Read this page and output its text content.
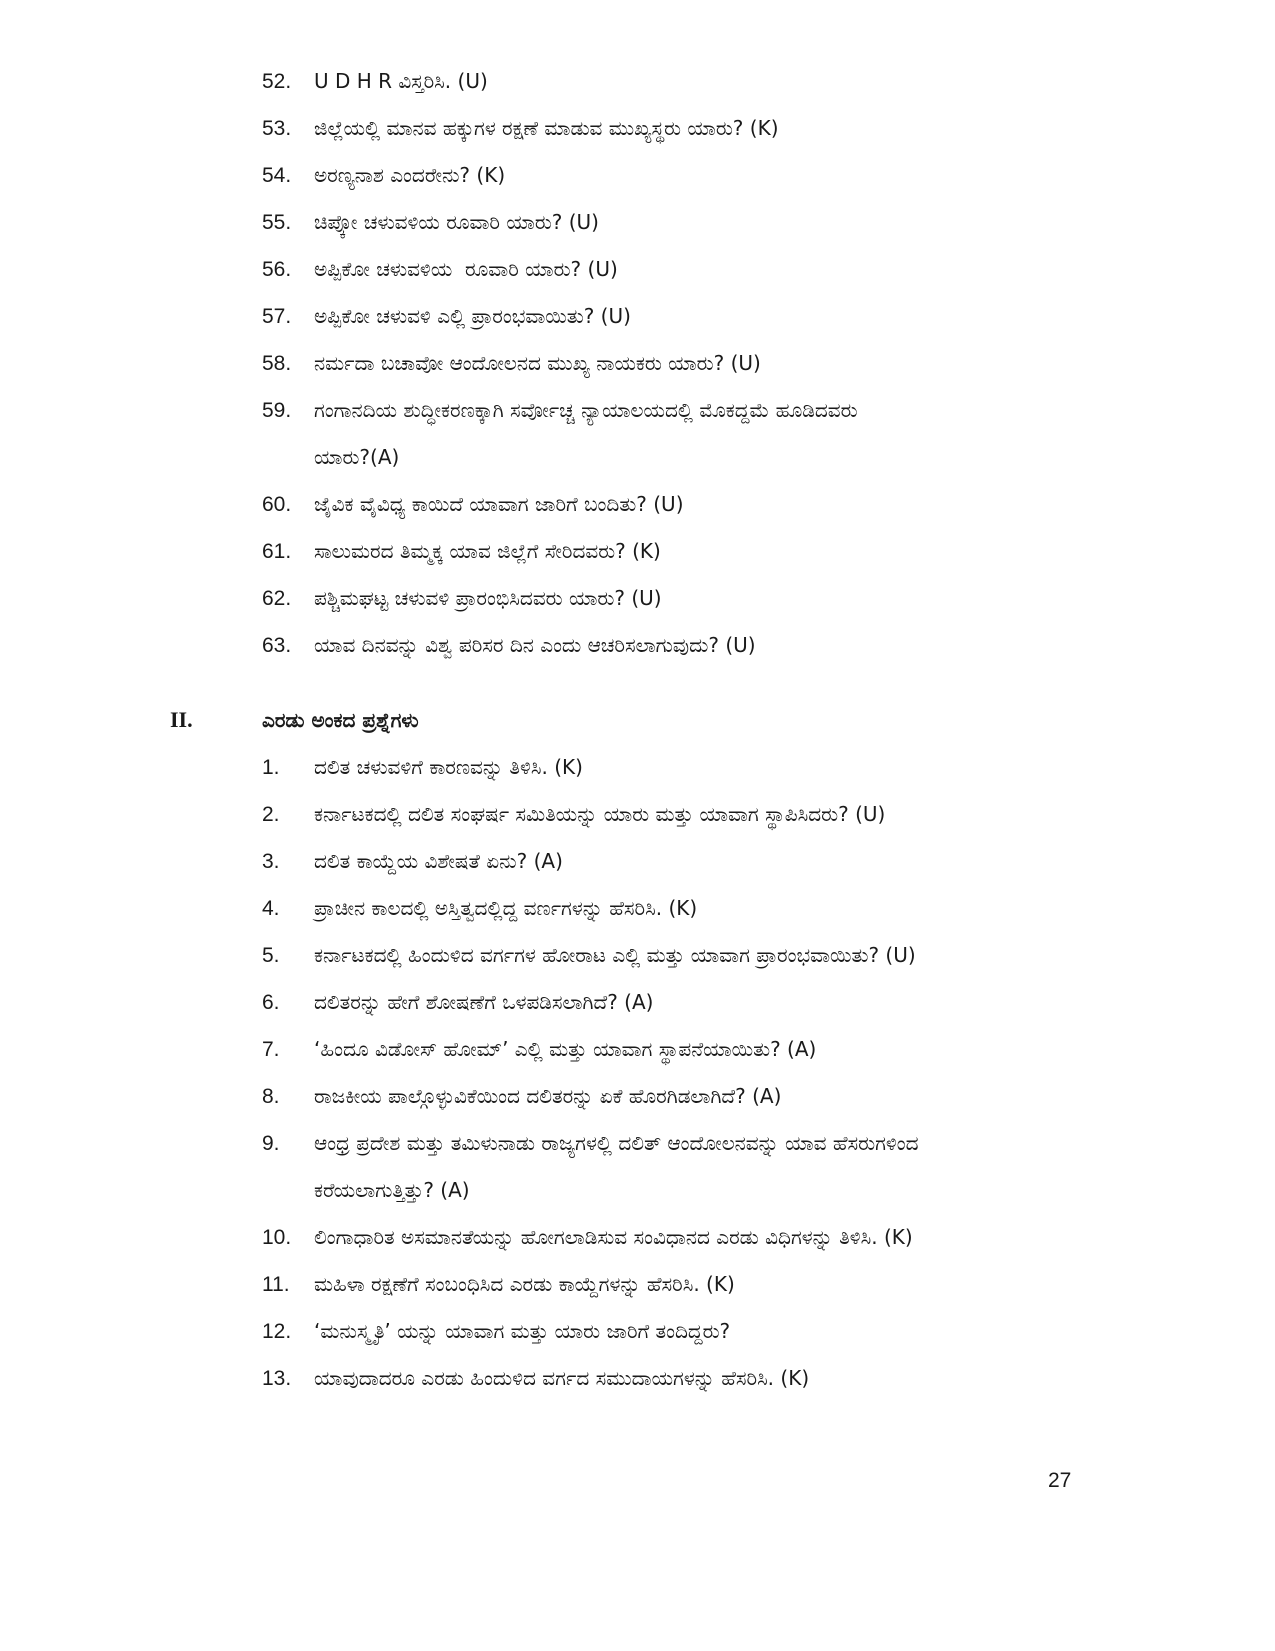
52. U D H R ವಿಸ್ತರಿಸಿ. (U)
53. ಜಿಲ್ಲೆಯಲ್ಲಿ ಮಾನವ ಹಕ್ಕುಗಳ ರಕ್ಷಣೆ ಮಾಡುವ ಮುಖ್ಯಸ್ಥರು ಯಾರು? (K)
54. ಅರಣ್ಯನಾಶ ಎಂದರೇನು? (K)
55. ಚಿಪ್ಕೋ ಚಳುವಳಿಯ ರೂವಾರಿ ಯಾರು? (U)
56. ಅಪ್ಪಿಕೋ ಚಳುವಳಿಯ  ರೂವಾರಿ ಯಾರು? (U)
57. ಅಪ್ಪಿಕೋ ಚಳುವಳಿ ಎಲ್ಲಿ ಪ್ರಾರಂಭವಾಯಿತು? (U)
58. ನರ್ಮದಾ ಬಚಾವೋ ಆಂದೋಲನದ ಮುಖ್ಯ ನಾಯಕರು ಯಾರು? (U)
59. ಗಂಗಾನದಿಯ ಶುದ್ಧೀಕರಣಕ್ಕಾಗಿ ಸರ್ವೋಚ್ಚ ನ್ಯಾಯಾಲಯದಲ್ಲಿ ಮೊಕದ್ದಮೆ ಹೂಡಿದವರು
ಯಾರು?(A)
60. ಜೈವಿಕ ವೈವಿಧ್ಯ ಕಾಯಿದೆ ಯಾವಾಗ ಜಾರಿಗೆ ಬಂದಿತು? (U)
61. ಸಾಲುಮರದ ತಿಮ್ಮಕ್ಕ ಯಾವ ಜಿಲ್ಲೆಗೆ ಸೇರಿದವರು? (K)
62. ಪಶ್ಚಿಮಘಟ್ಟ ಚಳುವಳಿ ಪ್ರಾರಂಭಿಸಿದವರು ಯಾರು? (U)
63. ಯಾವ ದಿನವನ್ನು ವಿಶ್ವ ಪರಿಸರ ದಿನ ಎಂದು ಆಚರಿಸಲಾಗುವುದು? (U)
II.	ಎರಡು ಅಂಕದ ಪ್ರಶ್ನೆಗಳು
1. ದಲಿತ ಚಳುವಳಿಗೆ ಕಾರಣವನ್ನು ತಿಳಿಸಿ. (K)
2. ಕರ್ನಾಟಕದಲ್ಲಿ ದಲಿತ ಸಂಘರ್ಷ ಸಮಿತಿಯನ್ನು ಯಾರು ಮತ್ತು ಯಾವಾಗ ಸ್ಥಾಪಿಸಿದರು? (U)
3. ದಲಿತ ಕಾಯ್ದೆಯ ವಿಶೇಷತೆ ಏನು? (A)
4. ಪ್ರಾಚೀನ ಕಾಲದಲ್ಲಿ ಅಸ್ತಿತ್ವದಲ್ಲಿದ್ದ ವರ್ಣಗಳನ್ನು ಹೆಸರಿಸಿ. (K)
5. ಕರ್ನಾಟಕದಲ್ಲಿ ಹಿಂದುಳಿದ ವರ್ಗಗಳ ಹೋರಾಟ ಎಲ್ಲಿ ಮತ್ತು ಯಾವಾಗ ಪ್ರಾರಂಭವಾಯಿತು? (U)
6. ದಲಿತರನ್ನು ಹೇಗೆ ಶೋಷಣೆಗೆ ಒಳಪಡಿಸಲಾಗಿದೆ? (A)
7. ‘ಹಿಂದೂ ವಿಡೋಸ್ ಹೋಮ್’ ಎಲ್ಲಿ ಮತ್ತು ಯಾವಾಗ ಸ್ಥಾಪನೆಯಾಯಿತು? (A)
8. ರಾಜಕೀಯ ಪಾಲ್ಗೊಳ್ಳುವಿಕೆಯಿಂದ ದಲಿತರನ್ನು ಏಕೆ ಹೊರಗಿಡಲಾಗಿದೆ? (A)
9. ಆಂಧ್ರ ಪ್ರದೇಶ ಮತ್ತು ತಮಿಳುನಾಡು ರಾಜ್ಯಗಳಲ್ಲಿ ದಲಿತ್ ಆಂದೋಲನವನ್ನು ಯಾವ ಹೆಸರುಗಳಿಂದ
ಕರೆಯಲಾಗುತ್ತಿತ್ತು? (A)
10. ಲಿಂಗಾಧಾರಿತ ಅಸಮಾನತೆಯನ್ನು ಹೋಗಲಾಡಿಸುವ ಸಂವಿಧಾನದ ಎರಡು ವಿಧಿಗಳನ್ನು ತಿಳಿಸಿ. (K)
11. ಮಹಿಳಾ ರಕ್ಷಣೆಗೆ ಸಂಬಂಧಿಸಿದ ಎರಡು ಕಾಯ್ದೆಗಳನ್ನು ಹೆಸರಿಸಿ. (K)
12. ‘ಮನುಸ್ಮೃತಿ’ ಯನ್ನು ಯಾವಾಗ ಮತ್ತು ಯಾರು ಜಾರಿಗೆ ತಂದಿದ್ದರು?
13. ಯಾವುದಾದರೂ ಎರಡು ಹಿಂದುಳಿದ ವರ್ಗದ ಸಮುದಾಯಗಳನ್ನು ಹೆಸರಿಸಿ. (K)
27
